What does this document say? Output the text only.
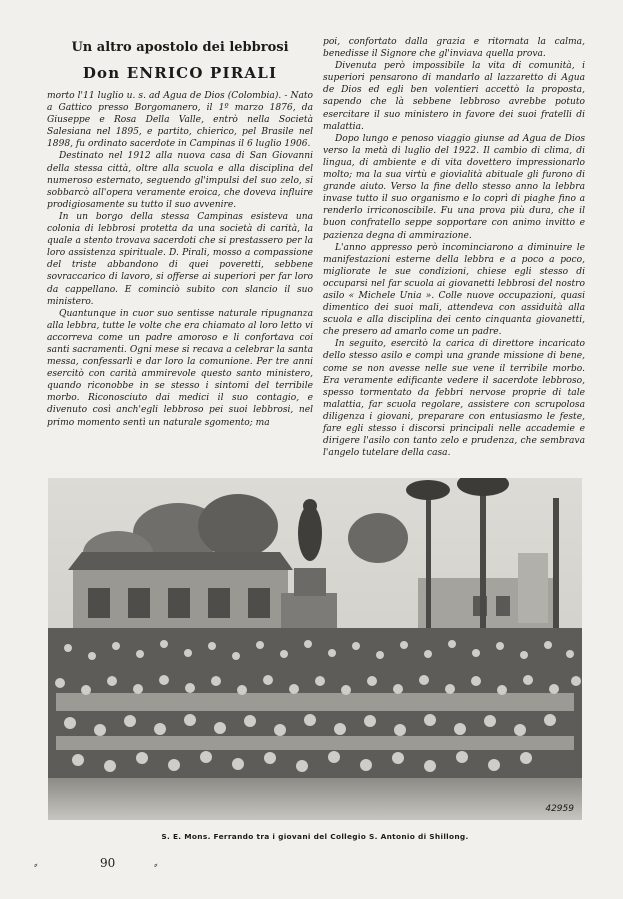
Un altro apostolo dei lebbrosi
Don ENRICO PIRALI

morto l'11 luglio u. s. ad Agua de Dios (Colombia). - Nato a Gattico presso Borgomanero, il 1º marzo 1876, da Giuseppe e Rosa Della Valle, entrò nella Società Salesiana nel 1895, e partito, chierico, pel Brasile nel 1898, fu ordinato sacerdote in Campinas il 6 luglio 1906.

Destinato nel 1912 alla nuova casa di San Giovanni della stessa città, oltre alla scuola e alla disciplina del numeroso esternato, seguendo gl'impulsi del suo zelo, si sobbarcò all'opera veramente eroica, che doveva influire prodigiosamente su tutto il suo avvenire.

In un borgo della stessa Campinas esisteva una colonia di lebbrosi protetta da una società di carità, la quale a stento trovava sacerdoti che si prestassero per la loro assistenza spirituale. D. Pirali, mosso a compassione del triste abbandono di quei poveretti, sebbene sovraccarico di lavoro, si offerse ai superiori per far loro da cappellano. E cominciò subito con slancio il suo ministero.

Quantunque in cuor suo sentisse naturale ripugnanza alla lebbra, tutte le volte che era chiamato al loro letto vi accorreva come un padre amoroso e li confortava coi santi sacramenti. Ogni mese si recava a celebrar la santa messa, confessarli e dar loro la comunione. Per tre anni esercitò con carità ammirevole questo santo ministero, quando riconobbe in se stesso i sintomi del terribile morbo. Riconosciuto dai medici il suo contagio, e divenuto così anch'egli lebbroso pei suoi lebbrosi, nel primo momento sentì un naturale sgomento; ma

poi, confortato dalla grazia e ritornata la calma, benedisse il Signore che gl'inviava quella prova.

Divenuta però impossibile la vita di comunità, i superiori pensarono di mandarlo al lazzaretto di Agua de Dios ed egli ben volentieri accettò la proposta, sapendo che là sebbene lebbroso avrebbe potuto esercitare il suo ministero in favore dei suoi fratelli di malattia.

Dopo lungo e penoso viaggio giunse ad Agua de Dios verso la metà di luglio del 1922. Il cambio di clima, di lingua, di ambiente e di vita dovettero impressionarlo molto; ma la sua virtù e giovialità abituale gli furono di grande aiuto. Verso la fine dello stesso anno la lebbra invase tutto il suo organismo e lo coprì di piaghe fino a renderlo irriconoscibile. Fu una prova più dura, che il buon confratello seppe sopportare con animo invitto e pazienza degna di ammirazione.

L'anno appresso però incominciarono a diminuire le manifestazioni esterne della lebbra e a poco a poco, migliorate le sue condizioni, chiese egli stesso di occuparsi nel far scuola ai giovanetti lebbrosi del nostro asilo « Michele Unia ». Colle nuove occupazioni, quasi dimentico dei suoi mali, attendeva con assiduità alla scuola e alla disciplina dei cento cinquanta giovanetti, che presero ad amarlo come un padre.

In seguito, esercitò la carica di direttore incaricato dello stesso asilo e compì una grande missione di bene, come se non avesse nelle sue vene il terribile morbo. Era veramente edificante vedere il sacerdote lebbroso, spesso tormentato da febbri nervose proprie di tale malattia, far scuola regolare, assistere con scrupolosa diligenza i giovani, preparare con entusiasmo le feste, fare egli stesso i discorsi principali nelle accademie e dirigere l'asilo con tanto zelo e prudenza, che sembrava l'angelo tutelare della casa.

42959
S. E. Mons. Ferrando tra i giovani del Collegio S. Antonio di Shillong.
⸗	90	⸗
